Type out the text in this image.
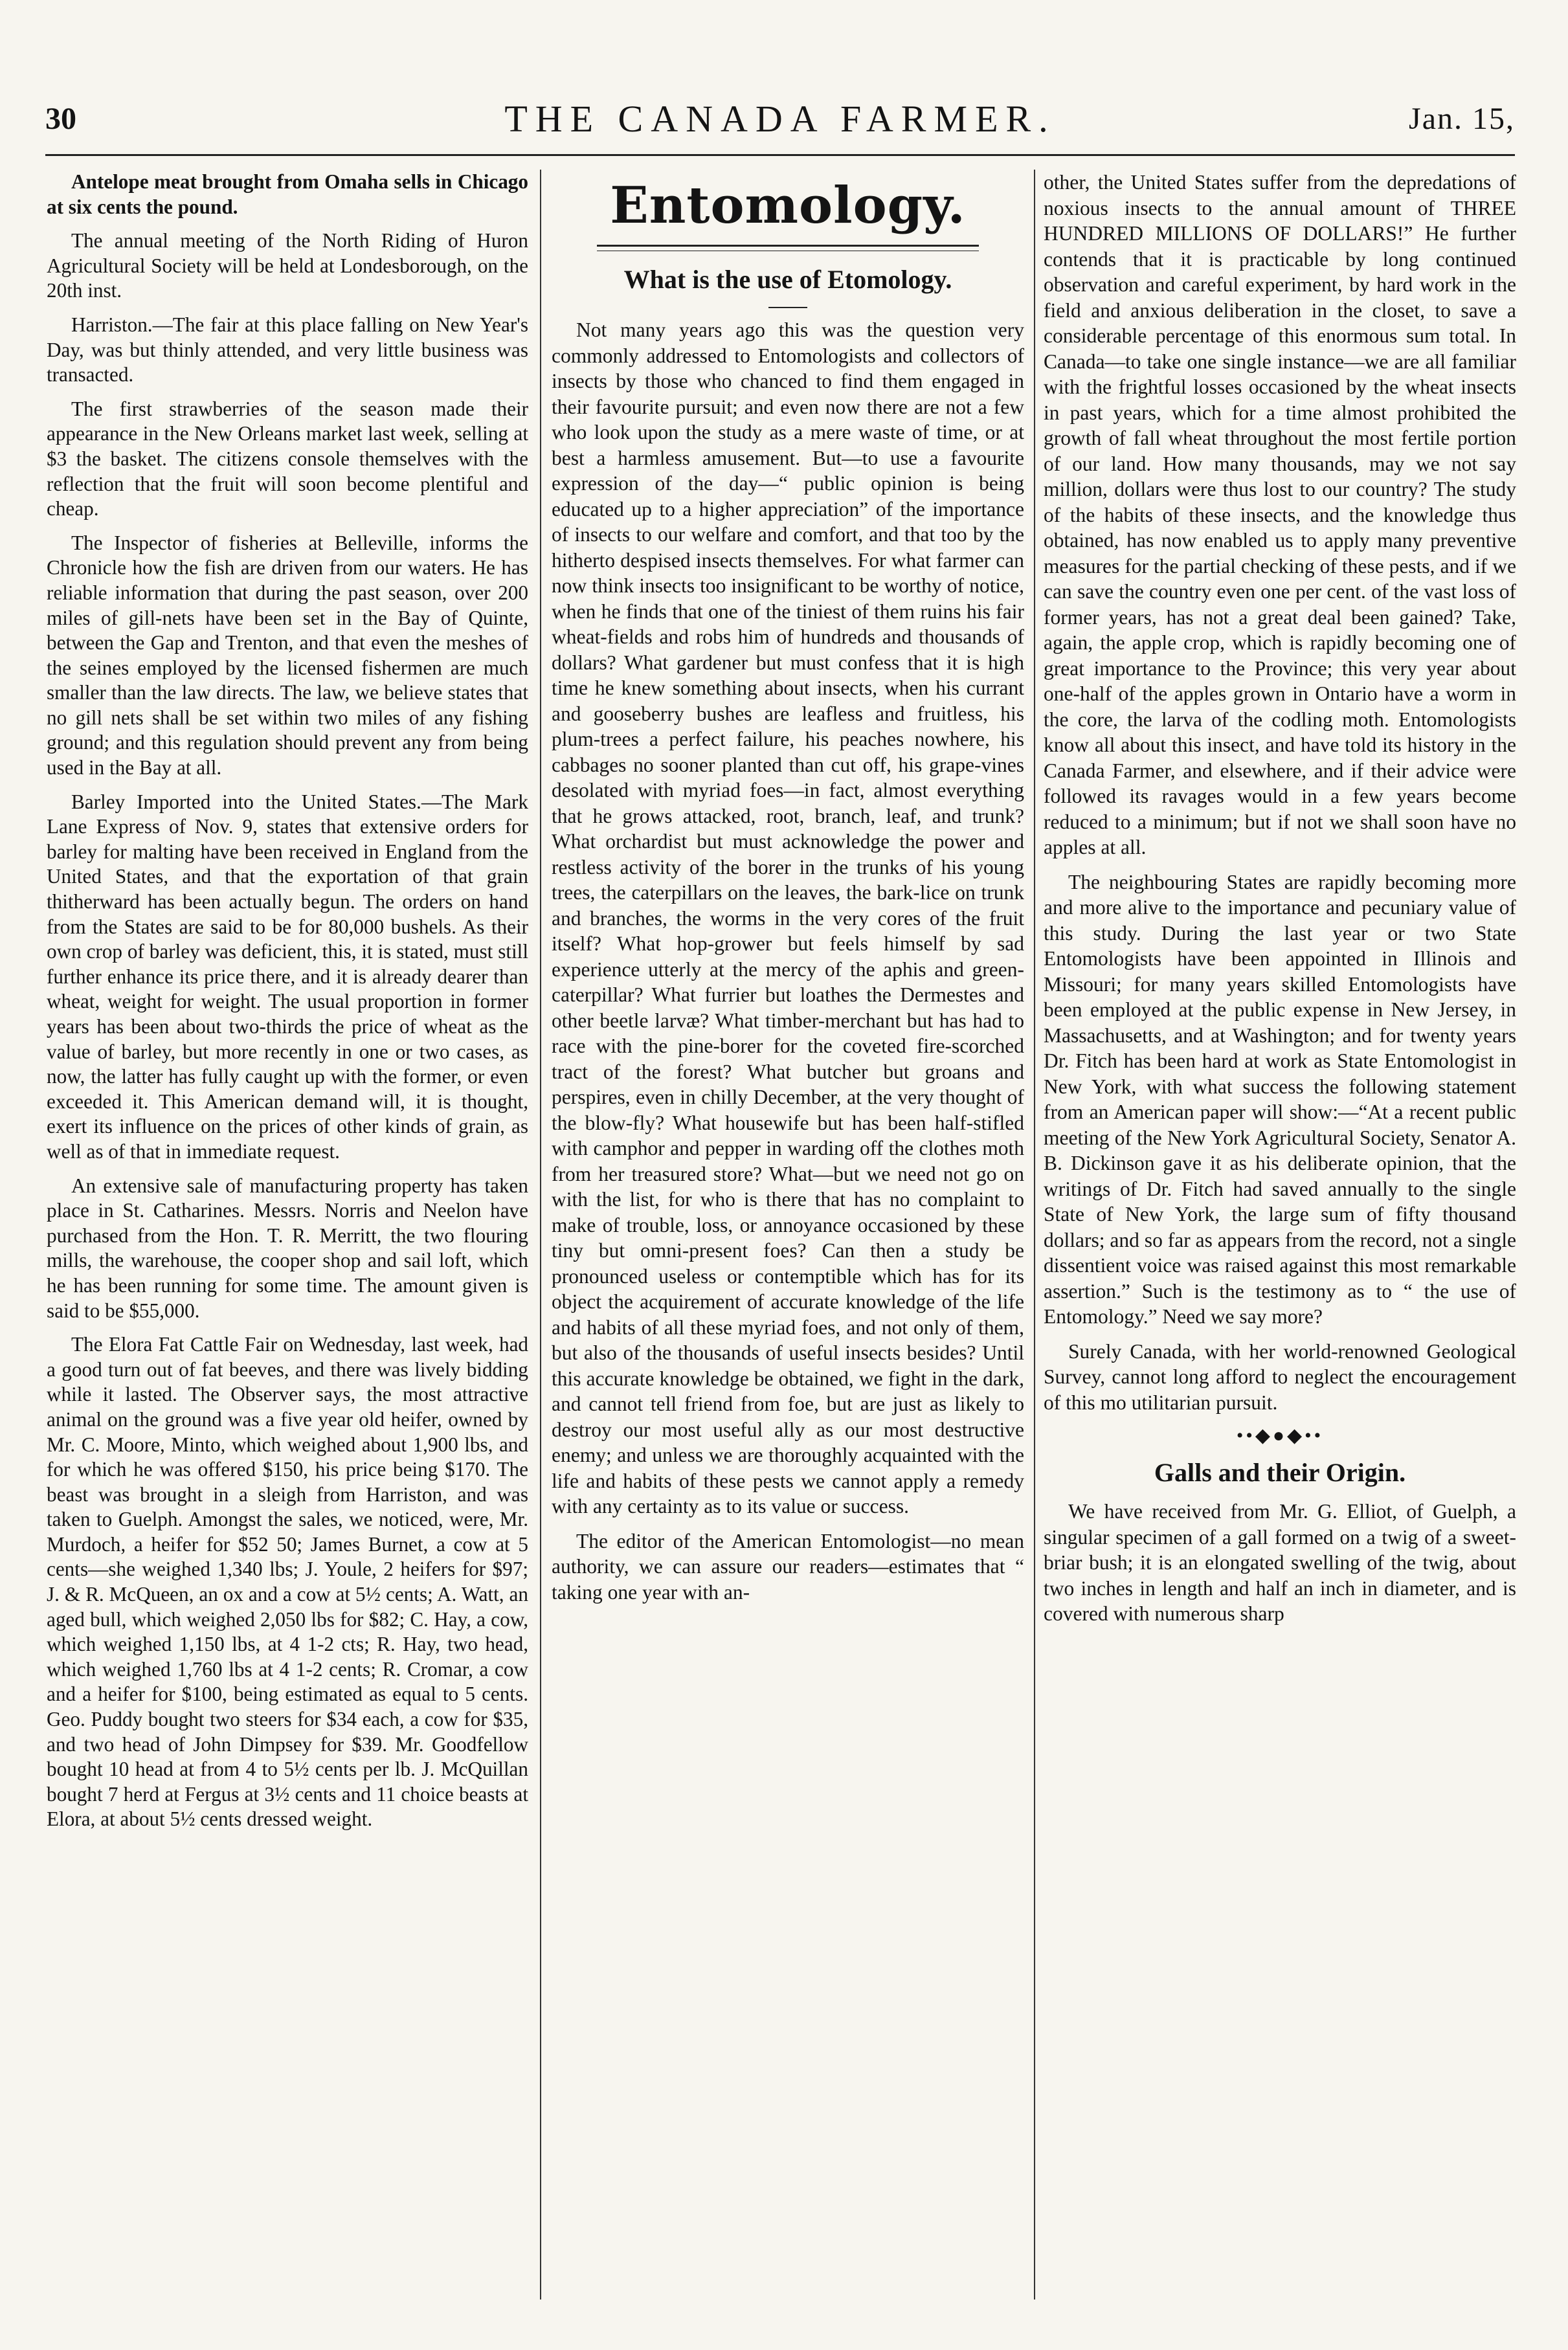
30	THE CANADA FARMER.	Jan. 15,

Antelope meat brought from Omaha sells in Chicago at six cents the pound.

The annual meeting of the North Riding of Huron Agricultural Society will be held at Londesborough, on the 20th inst.

Harriston.—The fair at this place falling on New Year's Day, was but thinly attended, and very little business was transacted.

The first strawberries of the season made their appearance in the New Orleans market last week, selling at $3 the basket. The citizens console themselves with the reflection that the fruit will soon become plentiful and cheap.

The Inspector of fisheries at Belleville, informs the Chronicle how the fish are driven from our waters. He has reliable information that during the past season, over 200 miles of gill-nets have been set in the Bay of Quinte, between the Gap and Trenton, and that even the meshes of the seines employed by the licensed fishermen are much smaller than the law directs. The law, we believe states that no gill nets shall be set within two miles of any fishing ground; and this regulation should prevent any from being used in the Bay at all.

Barley Imported into the United States.—The Mark Lane Express of Nov. 9, states that extensive orders for barley for malting have been received in England from the United States, and that the exportation of that grain thitherward has been actually begun. The orders on hand from the States are said to be for 80,000 bushels. As their own crop of barley was deficient, this, it is stated, must still further enhance its price there, and it is already dearer than wheat, weight for weight. The usual proportion in former years has been about two-thirds the price of wheat as the value of barley, but more recently in one or two cases, as now, the latter has fully caught up with the former, or even exceeded it. This American demand will, it is thought, exert its influence on the prices of other kinds of grain, as well as of that in immediate request.

An extensive sale of manufacturing property has taken place in St. Catharines. Messrs. Norris and Neelon have purchased from the Hon. T. R. Merritt, the two flouring mills, the warehouse, the cooper shop and sail loft, which he has been running for some time. The amount given is said to be $55,000.

The Elora Fat Cattle Fair on Wednesday, last week, had a good turn out of fat beeves, and there was lively bidding while it lasted. The Observer says, the most attractive animal on the ground was a five year old heifer, owned by Mr. C. Moore, Minto, which weighed about 1,900 lbs, and for which he was offered $150, his price being $170. The beast was brought in a sleigh from Harriston, and was taken to Guelph. Amongst the sales, we noticed, were, Mr. Murdoch, a heifer for $52 50; James Burnet, a cow at 5 cents—she weighed 1,340 lbs; J. Youle, 2 heifers for $97; J. & R. McQueen, an ox and a cow at 5½ cents; A. Watt, an aged bull, which weighed 2,050 lbs for $82; C. Hay, a cow, which weighed 1,150 lbs, at 4 1-2 cts; R. Hay, two head, which weighed 1,760 lbs at 4 1-2 cents; R. Cromar, a cow and a heifer for $100, being estimated as equal to 5 cents. Geo. Puddy bought two steers for $34 each, a cow for $35, and two head of John Dimpsey for $39. Mr. Goodfellow bought 10 head at from 4 to 5½ cents per lb. J. McQuillan bought 7 herd at Fergus at 3½ cents and 11 choice beasts at Elora, at about 5½ cents dressed weight.

Entomology.
What is the use of Etomology.

Not many years ago this was the question very commonly addressed to Entomologists and collectors of insects by those who chanced to find them engaged in their favourite pursuit; and even now there are not a few who look upon the study as a mere waste of time, or at best a harmless amusement. But—to use a favourite expression of the day—“ public opinion is being educated up to a higher appreciation” of the importance of insects to our welfare and comfort, and that too by the hitherto despised insects themselves. For what farmer can now think insects too insignificant to be worthy of notice, when he finds that one of the tiniest of them ruins his fair wheat-fields and robs him of hundreds and thousands of dollars? What gardener but must confess that it is high time he knew something about insects, when his currant and gooseberry bushes are leafless and fruitless, his plum-trees a perfect failure, his peaches nowhere, his cabbages no sooner planted than cut off, his grape-vines desolated with myriad foes—in fact, almost everything that he grows attacked, root, branch, leaf, and trunk? What orchardist but must acknowledge the power and restless activity of the borer in the trunks of his young trees, the caterpillars on the leaves, the bark-lice on trunk and branches, the worms in the very cores of the fruit itself? What hop-grower but feels himself by sad experience utterly at the mercy of the aphis and green-caterpillar? What furrier but loathes the Dermestes and other beetle larvæ? What timber-merchant but has had to race with the pine-borer for the coveted fire-scorched tract of the forest? What butcher but groans and perspires, even in chilly December, at the very thought of the blow-fly? What housewife but has been half-stifled with camphor and pepper in warding off the clothes moth from her treasured store? What—but we need not go on with the list, for who is there that has no complaint to make of trouble, loss, or annoyance occasioned by these tiny but omni-present foes? Can then a study be pronounced useless or contemptible which has for its object the acquirement of accurate knowledge of the life and habits of all these myriad foes, and not only of them, but also of the thousands of useful insects besides? Until this accurate knowledge be obtained, we fight in the dark, and cannot tell friend from foe, but are just as likely to destroy our most useful ally as our most destructive enemy; and unless we are thoroughly acquainted with the life and habits of these pests we cannot apply a remedy with any certainty as to its value or success.

The editor of the American Entomologist—no mean authority, we can assure our readers—estimates that “ taking one year with an-

other, the United States suffer from the depredations of noxious insects to the annual amount of THREE HUNDRED MILLIONS OF DOLLARS!” He further contends that it is practicable by long continued observation and careful experiment, by hard work in the field and anxious deliberation in the closet, to save a considerable percentage of this enormous sum total. In Canada—to take one single instance—we are all familiar with the frightful losses occasioned by the wheat insects in past years, which for a time almost prohibited the growth of fall wheat throughout the most fertile portion of our land. How many thousands, may we not say million, dollars were thus lost to our country? The study of the habits of these insects, and the knowledge thus obtained, has now enabled us to apply many preventive measures for the partial checking of these pests, and if we can save the country even one per cent. of the vast loss of former years, has not a great deal been gained? Take, again, the apple crop, which is rapidly becoming one of great importance to the Province; this very year about one-half of the apples grown in Ontario have a worm in the core, the larva of the codling moth. Entomologists know all about this insect, and have told its history in the Canada Farmer, and elsewhere, and if their advice were followed its ravages would in a few years become reduced to a minimum; but if not we shall soon have no apples at all.

The neighbouring States are rapidly becoming more and more alive to the importance and pecuniary value of this study. During the last year or two State Entomologists have been appointed in Illinois and Missouri; for many years skilled Entomologists have been employed at the public expense in New Jersey, in Massachusetts, and at Washington; and for twenty years Dr. Fitch has been hard at work as State Entomologist in New York, with what success the following statement from an American paper will show:—“At a recent public meeting of the New York Agricultural Society, Senator A. B. Dickinson gave it as his deliberate opinion, that the writings of Dr. Fitch had saved annually to the single State of New York, the large sum of fifty thousand dollars; and so far as appears from the record, not a single dissentient voice was raised against this most remarkable assertion.” Such is the testimony as to “ the use of Entomology.” Need we say more?

Surely Canada, with her world-renowned Geological Survey, cannot long afford to neglect the encouragement of this mo utilitarian pursuit.

••◆●◆••
Galls and their Origin.

We have received from Mr. G. Elliot, of Guelph, a singular specimen of a gall formed on a twig of a sweet-briar bush; it is an elongated swelling of the twig, about two inches in length and half an inch in diameter, and is covered with numerous sharp
